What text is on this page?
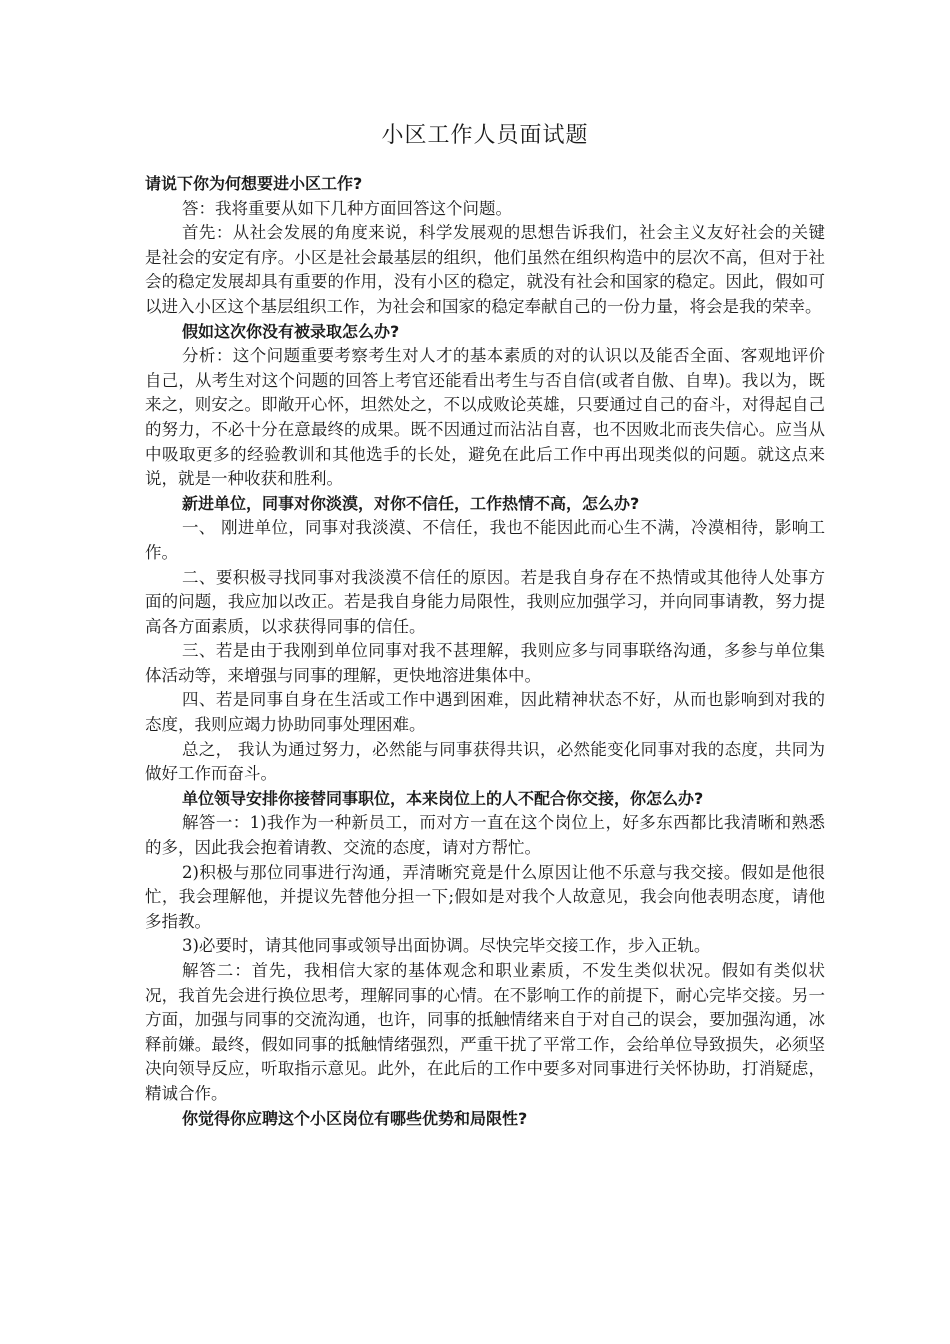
小区工作人员面试题

请说下你为何想要进小区工作?

答：我将重要从如下几种方面回答这个问题。

首先：从社会发展的角度来说，科学发展观的思想告诉我们，社会主义友好社会的关键是社会的安定有序。小区是社会最基层的组织，他们虽然在组织构造中的层次不高，但对于社会的稳定发展却具有重要的作用，没有小区的稳定，就没有社会和国家的稳定。因此，假如可以进入小区这个基层组织工作，为社会和国家的稳定奉献自己的一份力量，将会是我的荣幸。

假如这次你没有被录取怎么办?

分析：这个问题重要考察考生对人才的基本素质的对的认识以及能否全面、客观地评价自己，从考生对这个问题的回答上考官还能看出考生与否自信(或者自傲、自卑)。我以为，既来之，则安之。即敞开心怀，坦然处之，不以成败论英雄，只要通过自己的奋斗，对得起自己的努力，不必十分在意最终的成果。既不因通过而沾沾自喜，也不因败北而丧失信心。应当从中吸取更多的经验教训和其他选手的长处，避免在此后工作中再出现类似的问题。就这点来说，就是一种收获和胜利。

新进单位，同事对你淡漠，对你不信任，工作热情不高，怎么办?

一、 刚进单位，同事对我淡漠、不信任，我也不能因此而心生不满，冷漠相待，影响工作。

二、要积极寻找同事对我淡漠不信任的原因。若是我自身存在不热情或其他待人处事方面的问题，我应加以改正。若是我自身能力局限性，我则应加强学习，并向同事请教，努力提高各方面素质，以求获得同事的信任。

三、若是由于我刚到单位同事对我不甚理解，我则应多与同事联络沟通，多参与单位集体活动等，来增强与同事的理解，更快地溶进集体中。

四、若是同事自身在生活或工作中遇到困难，因此精神状态不好，从而也影响到对我的态度，我则应竭力协助同事处理困难。

总之， 我认为通过努力，必然能与同事获得共识，必然能变化同事对我的态度，共同为做好工作而奋斗。

单位领导安排你接替同事职位，本来岗位上的人不配合你交接，你怎么办?

解答一：1)我作为一种新员工，而对方一直在这个岗位上，好多东西都比我清晰和熟悉的多，因此我会抱着请教、交流的态度，请对方帮忙。

2)积极与那位同事进行沟通，弄清晰究竟是什么原因让他不乐意与我交接。假如是他很忙，我会理解他，并提议先替他分担一下;假如是对我个人故意见，我会向他表明态度，请他多指教。

3)必要时，请其他同事或领导出面协调。尽快完毕交接工作，步入正轨。

解答二：首先，我相信大家的基体观念和职业素质，不发生类似状况。假如有类似状况，我首先会进行换位思考，理解同事的心情。在不影响工作的前提下，耐心完毕交接。另一方面，加强与同事的交流沟通，也许，同事的抵触情绪来自于对自己的误会，要加强沟通，冰释前嫌。最终，假如同事的抵触情绪强烈，严重干扰了平常工作，会给单位导致损失，必须坚决向领导反应，听取指示意见。此外，在此后的工作中要多对同事进行关怀协助，打消疑虑，精诚合作。

你觉得你应聘这个小区岗位有哪些优势和局限性?
